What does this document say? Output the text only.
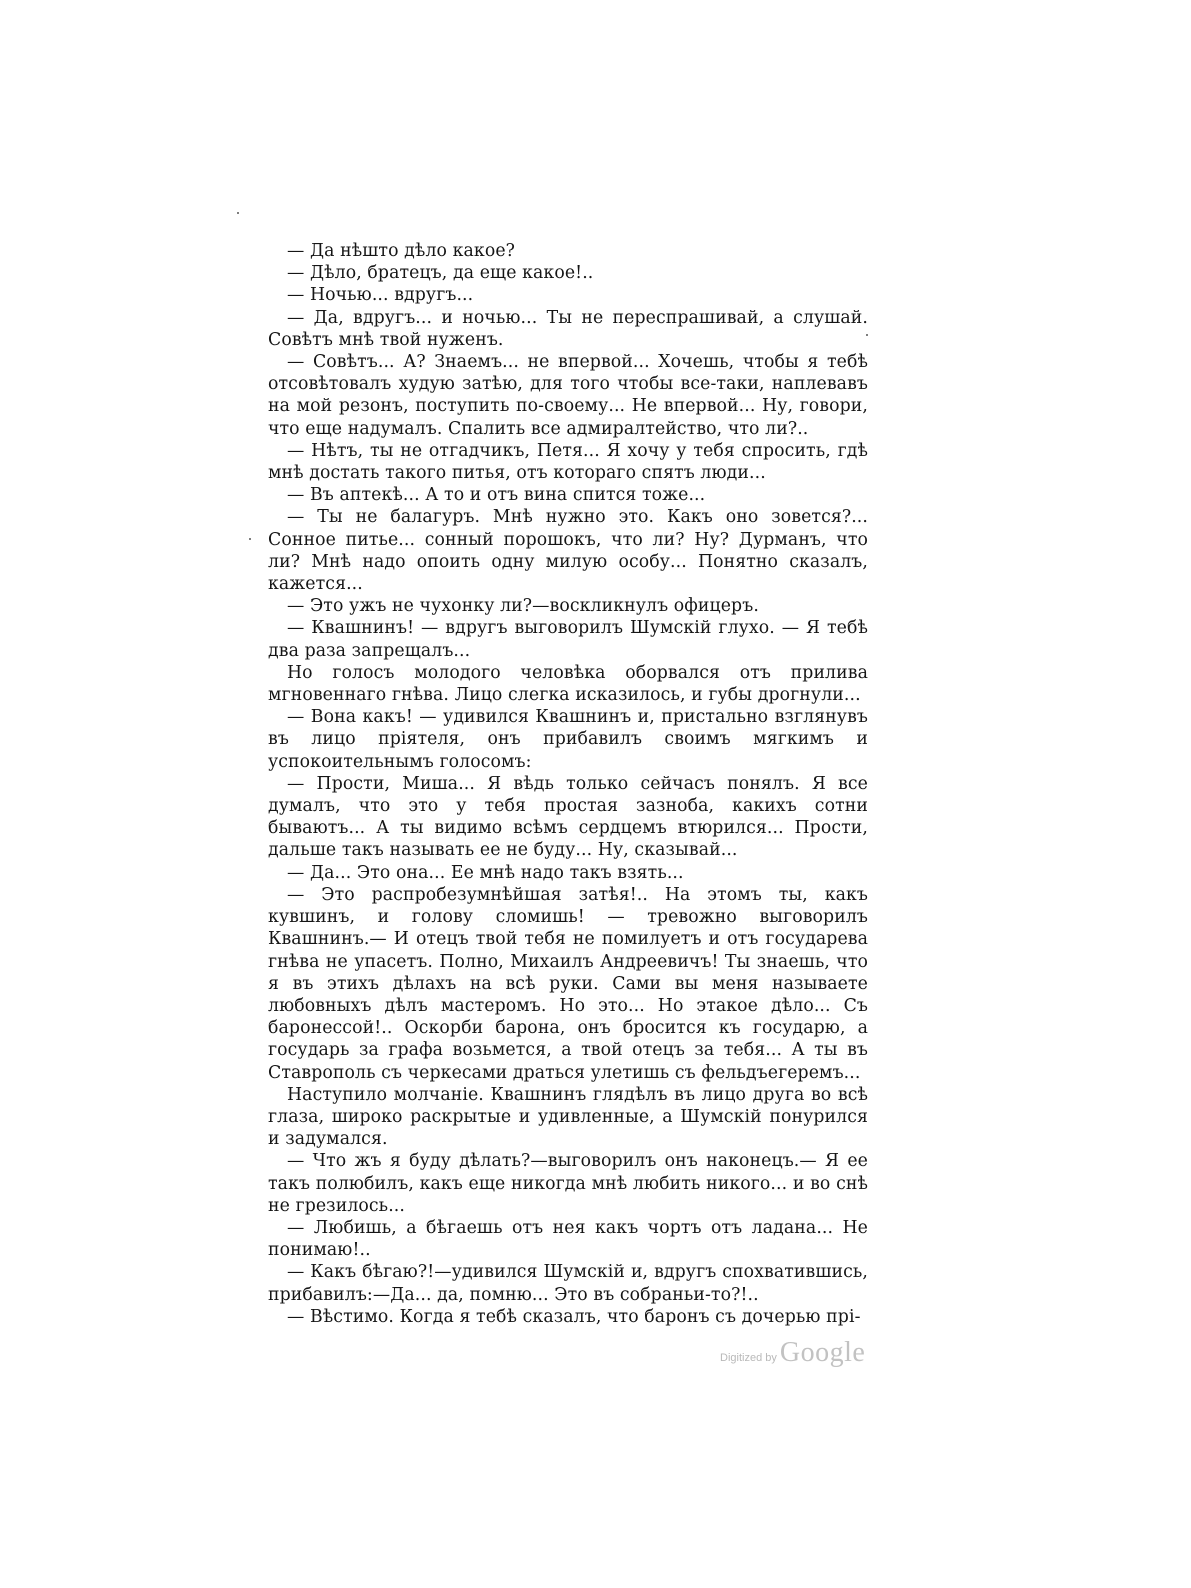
— Да нѣшто дѣло какое?

— Дѣло, братецъ, да еще какое!..

— Ночью... вдругъ...

— Да, вдругъ... и ночью... Ты не переспрашивай, а слушай. Совѣтъ мнѣ твой нуженъ.

— Совѣтъ... А? Знаемъ... не впервой... Хочешь, чтобы я тебѣ отсовѣтовалъ худую затѣю, для того чтобы все-таки, наплевавъ на мой резонъ, поступить по-своему... Не впервой... Ну, говори, что еще надумалъ. Спалить все адмиралтейство, что ли?..

— Нѣтъ, ты не отгадчикъ, Петя... Я хочу у тебя спросить, гдѣ мнѣ достать такого питья, отъ котораго спятъ люди...

— Въ аптекѣ... А то и отъ вина спится тоже...

— Ты не балагуръ. Мнѣ нужно это. Какъ оно зовется?... Сонное питье... сонный порошокъ, что ли? Ну? Дурманъ, что ли? Мнѣ надо опоить одну милую особу... Понятно сказалъ, кажется...

— Это ужъ не чухонку ли?—воскликнулъ офицеръ.

— Квашнинъ! — вдругъ выговорилъ Шумскій глухо. — Я тебѣ два раза запрещалъ...

Но голосъ молодого человѣка оборвался отъ прилива мгновеннаго гнѣва. Лицо слегка исказилось, и губы дрогнули...

— Вона какъ! — удивился Квашнинъ и, пристально взглянувъ въ лицо пріятеля, онъ прибавилъ своимъ мягкимъ и успокоительнымъ голосомъ:

— Прости, Миша... Я вѣдь только сейчасъ понялъ. Я все думалъ, что это у тебя простая зазноба, какихъ сотни бываютъ... А ты видимо всѣмъ сердцемъ втюрился... Прости, дальше такъ называть ее не буду... Ну, сказывай...

— Да... Это она... Ее мнѣ надо такъ взять...

— Это распробезумнѣйшая затѣя!.. На этомъ ты, какъ кувшинъ, и голову сломишь! — тревожно выговорилъ Квашнинъ.— И отецъ твой тебя не помилуетъ и отъ государева гнѣва не упасетъ. Полно, Михаилъ Андреевичъ! Ты знаешь, что я въ этихъ дѣлахъ на всѣ руки. Сами вы меня называете любовныхъ дѣлъ мастеромъ. Но это... Но этакое дѣло... Съ баронессой!.. Оскорби барона, онъ бросится къ государю, а государь за графа возьмется, а твой отецъ за тебя... А ты въ Ставрополь съ черкесами драться улетишь съ фельдъегеремъ...

Наступило молчаніе. Квашнинъ глядѣлъ въ лицо друга во всѣ глаза, широко раскрытые и удивленные, а Шумскій понурился и задумался.

— Что жъ я буду дѣлать?—выговорилъ онъ наконецъ.— Я ее такъ полюбилъ, какъ еще никогда мнѣ любить никого... и во снѣ не грезилось...

— Любишь, а бѣгаешь отъ нея какъ чортъ отъ ладана... Не понимаю!..

— Какъ бѣгаю?!—удивился Шумскій и, вдругъ спохватившись, прибавилъ:—Да... да, помню... Это въ собраньи-то?!..

— Вѣстимо. Когда я тебѣ сказалъ, что баронъ съ дочерью прі-

Digitized by Google
